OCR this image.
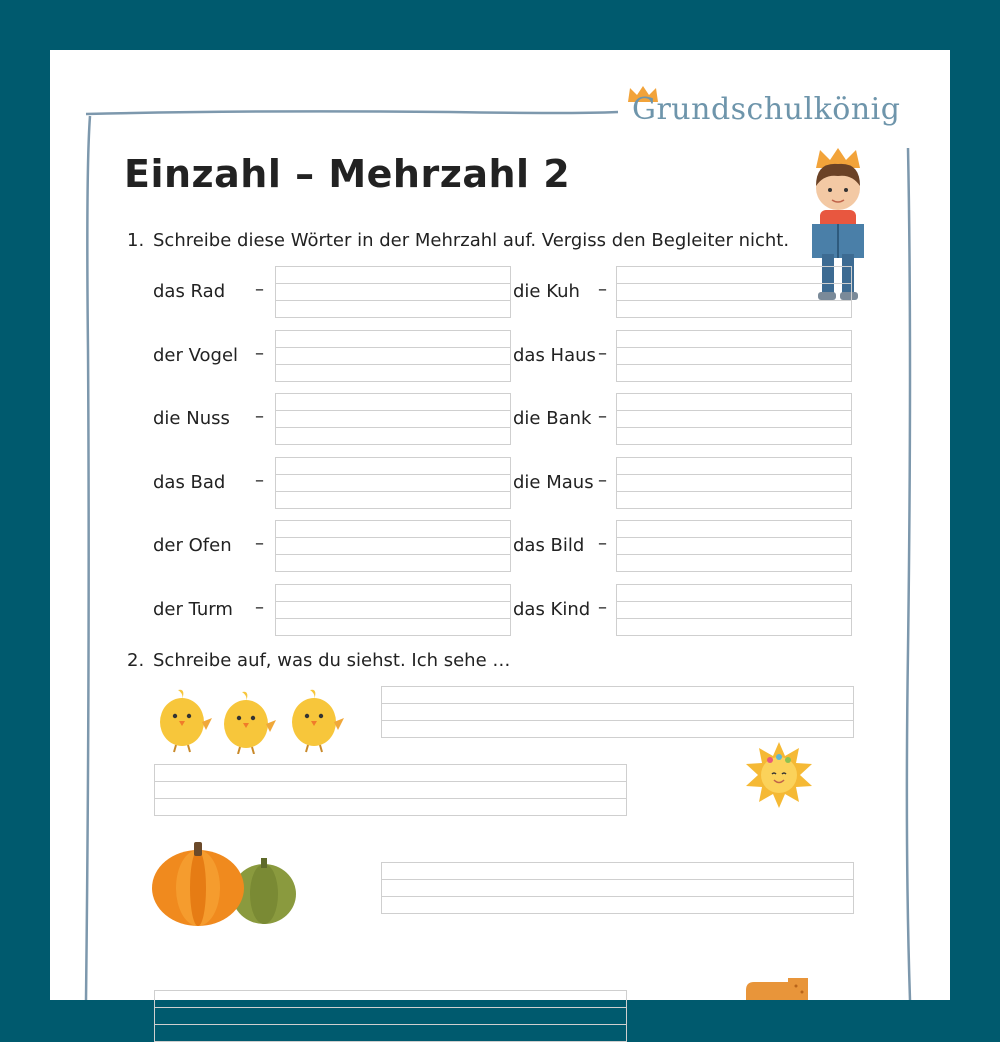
Grundschulkönig
Einzahl – Mehrzahl 2
1. Schreibe diese Wörter in der Mehrzahl auf. Vergiss den Begleiter nicht.
das Rad –	die Kuh –
der Vogel –	das Haus –
die Nuss –	die Bank –
das Bad –	die Maus –
der Ofen –	das Bild –
der Turm –	das Kind –
2. Schreibe auf, was du siehst. Ich sehe …
